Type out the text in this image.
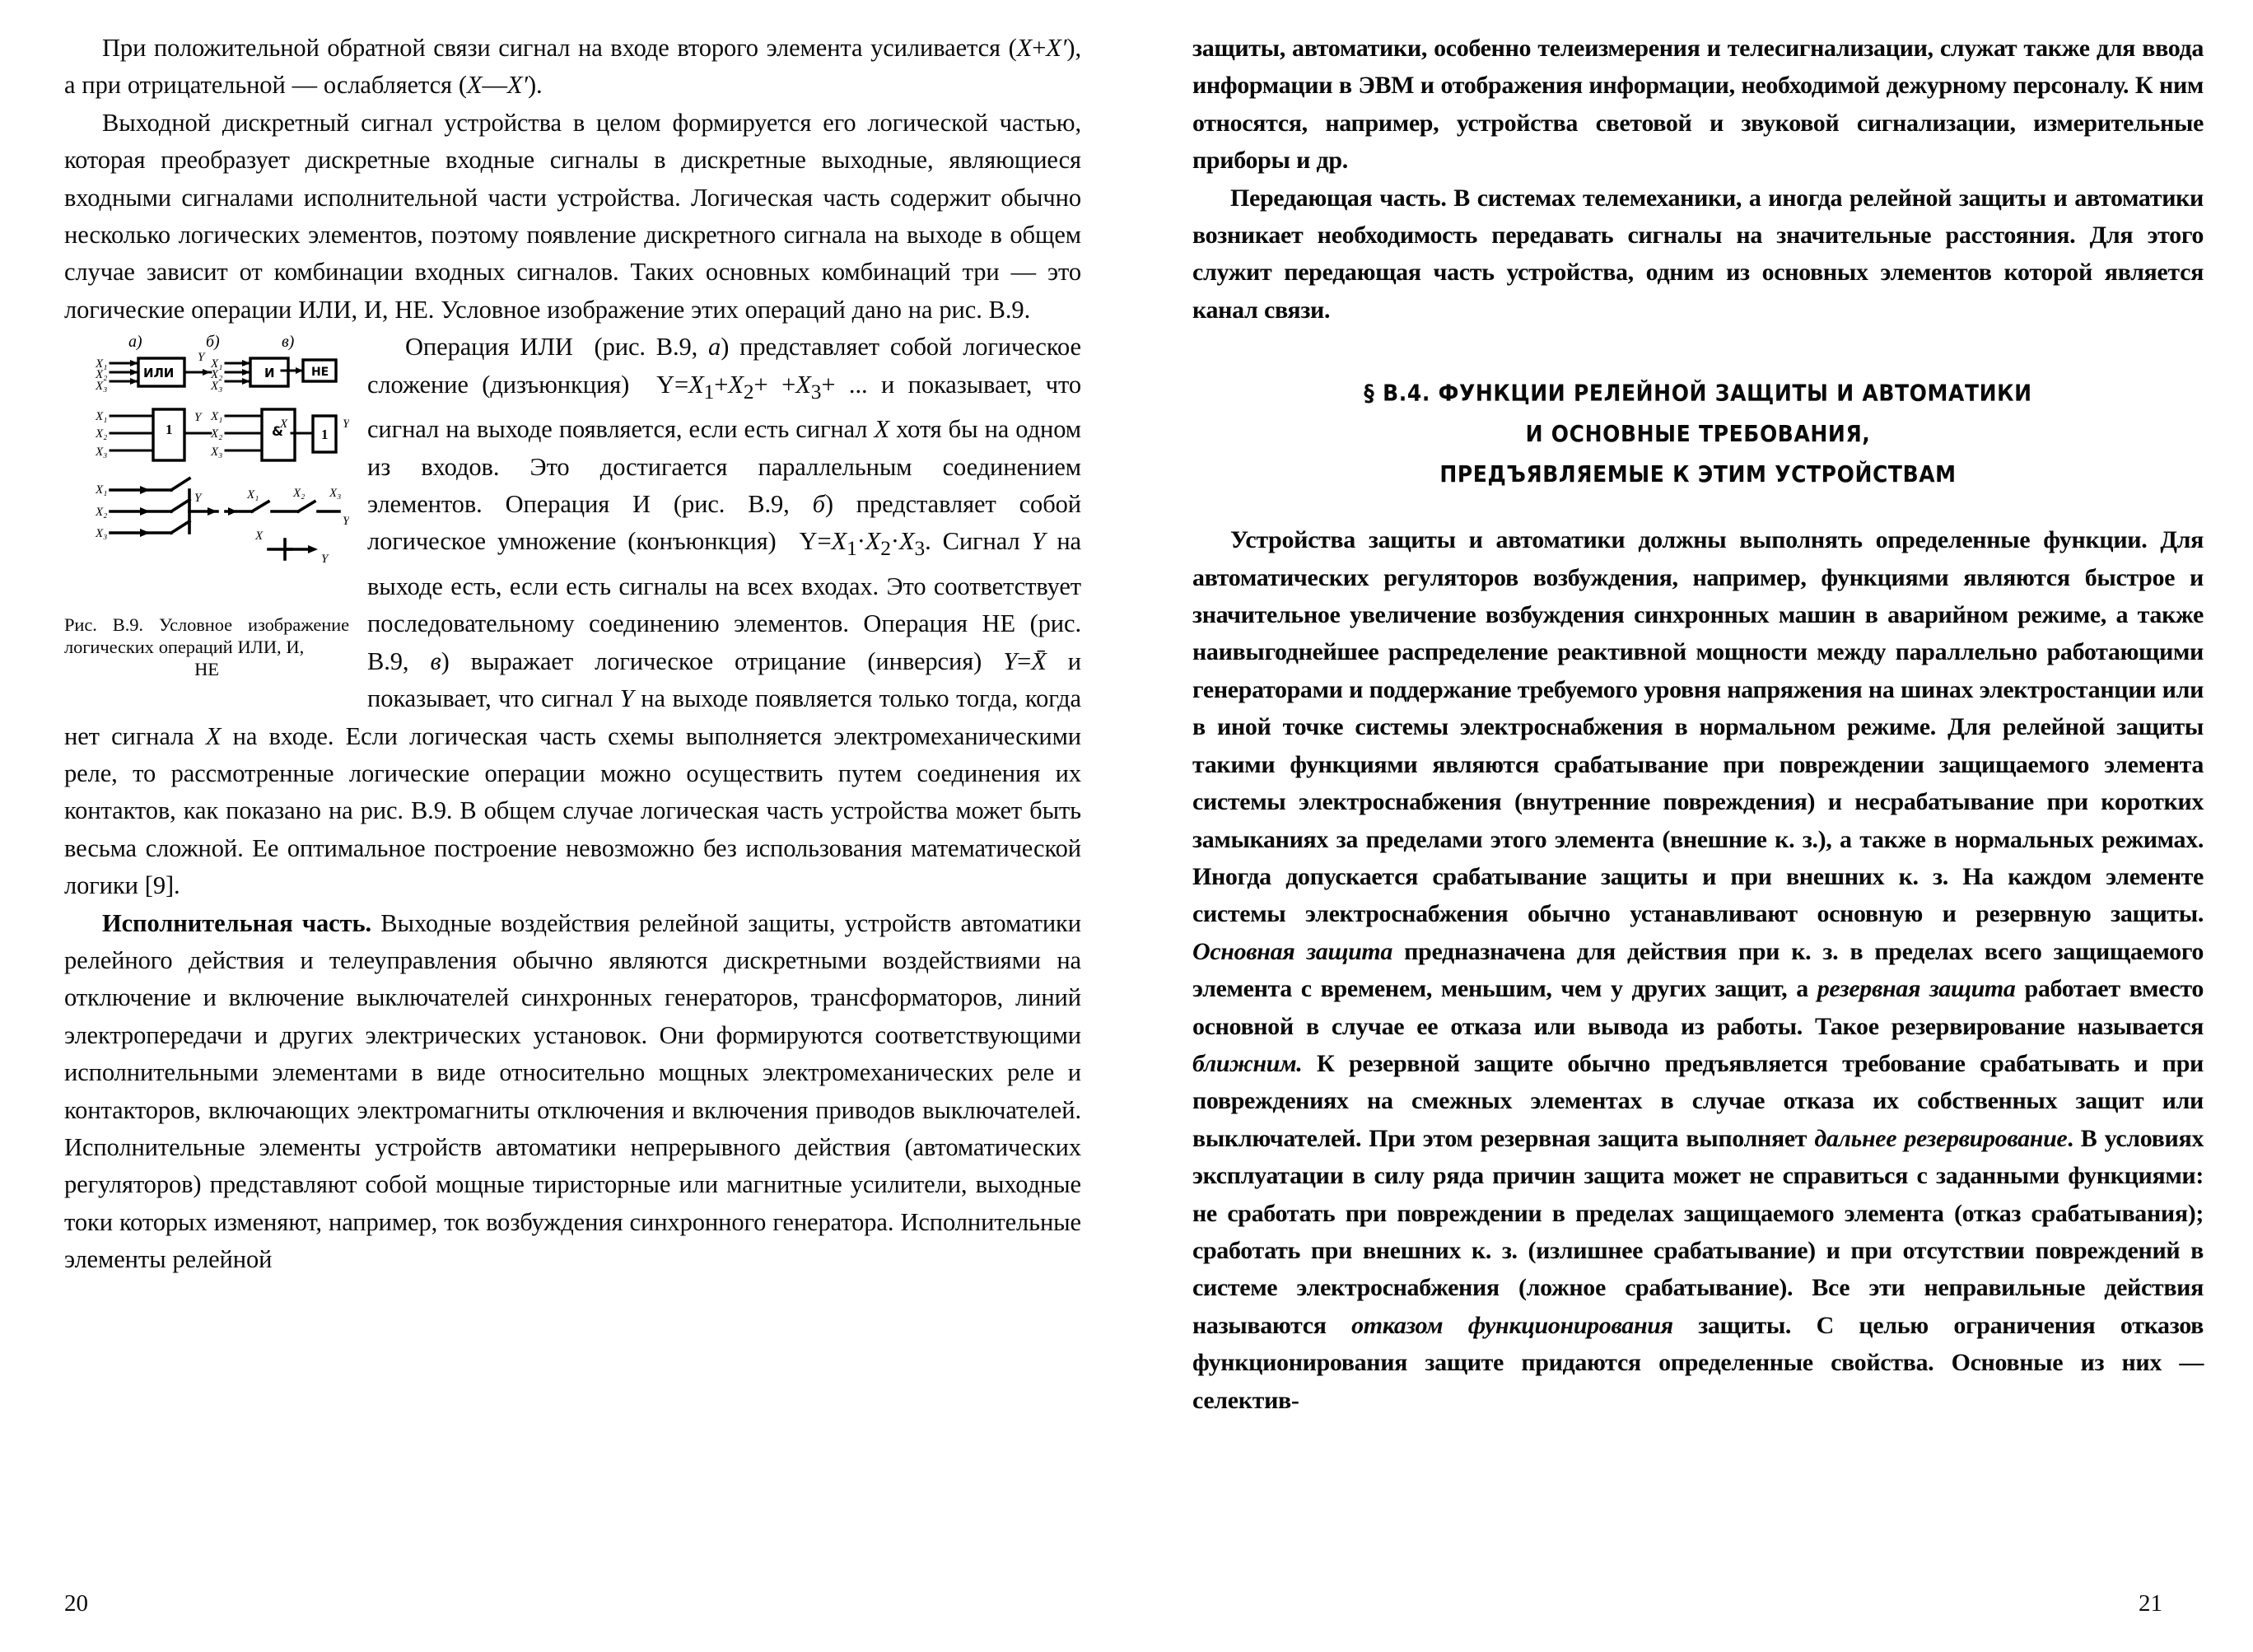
При положительной обратной связи сигнал на входе второго элемента усиливается (X+X′), а при отрицательной — ослабляется (X—X′).

Выходной дискретный сигнал устройства в целом формируется его логической частью, которая преобразует дискретные входные сигналы в дискретные выходные, являющиеся входными сигналами исполнительной части устройства. Логическая часть содержит обычно несколько логических элементов, поэтому появление дискретного сигнала на выходе в общем случае зависит от комбинации входных сигналов. Таких основных комбинаций три — это логические операции ИЛИ, И, НЕ. Условное изображение этих операций дано на рис. В.9.

а)	б)	в)
ИЛИ
X₁
X₂
X₃
Y
И
X₁
X₂
X₃
НЕ
1
X₁
X₂
X₃
Y
&
X₁
X₂
X₃
1
X	Y
X₁
X₂
X₃
Y	X₁	X₂ X₃
Y
X
Y
Рис. В.9. Условное изображение логических операций ИЛИ, И,
НЕ

Операция ИЛИ  (рис. В.9, а) представляет собой логическое сложение (дизъюнкция)  $Y=X_1+X_2+ +X_3+$ ... и показывает, что сигнал на выходе появляется, если есть сигнал X хотя бы на одном из входов. Это достигается параллельным соединением элементов. Операция И (рис. В.9, б) представляет собой логическое умножение (конъюнкция)  $Y=X_1\cdot X_2\cdot X_3$. Сигнал Y на выходе есть, если есть сигналы на всех входах. Это соответствует последовательному соединению элементов. Операция НЕ (рис. В.9, в) выражает логическое отрицание (инверсия) Y=X̄ и показывает, что сигнал Y на выходе появляется только тогда, когда нет сигнала X на входе. Если логическая часть схемы выполняется электромеханическими реле, то рассмотренные логические операции можно осуществить путем соединения их контактов, как показано на рис. В.9. В общем случае логическая часть устройства может быть весьма сложной. Ее оптимальное построение невозможно без использования математической логики [9].

Исполнительная часть. Выходные воздействия релейной защиты, устройств автоматики релейного действия и телеуправления обычно являются дискретными воздействиями на отключение и включение выключателей синхронных генераторов, трансформаторов, линий электропередачи и других электрических установок. Они формируются соответствующими исполнительными элементами в виде относительно мощных электромеханических реле и контакторов, включающих электромагниты отключения и включения приводов выключателей. Исполнительные элементы устройств автоматики непрерывного действия (автоматических регуляторов) представляют собой мощные тиристорные или магнитные усилители, выходные токи которых изменяют, например, ток возбуждения синхронного генератора. Исполнительные элементы релейной

20

защиты, автоматики, особенно телеизмерения и телесигнализации, служат также для ввода информации в ЭВМ и отображения информации, необходимой дежурному персоналу. К ним относятся, например, устройства световой и звуковой сигнализации, измерительные приборы и др.

Передающая часть. В системах телемеханики, а иногда релейной защиты и автоматики возникает необходимость передавать сигналы на значительные расстояния. Для этого служит передающая часть устройства, одним из основных элементов которой является канал связи.

§ В.4. ФУНКЦИИ РЕЛЕЙНОЙ ЗАЩИТЫ И АВТОМАТИКИ
И ОСНОВНЫЕ ТРЕБОВАНИЯ,
ПРЕДЪЯВЛЯЕМЫЕ К ЭТИМ УСТРОЙСТВАМ

Устройства защиты и автоматики должны выполнять определенные функции. Для автоматических регуляторов возбуждения, например, функциями являются быстрое и значительное увеличение возбуждения синхронных машин в аварийном режиме, а также наивыгоднейшее распределение реактивной мощности между параллельно работающими генераторами и поддержание требуемого уровня напряжения на шинах электростанции или в иной точке системы электроснабжения в нормальном режиме. Для релейной защиты такими функциями являются срабатывание при повреждении защищаемого элемента системы электроснабжения (внутренние повреждения) и несрабатывание при коротких замыканиях за пределами этого элемента (внешние к. з.), а также в нормальных режимах. Иногда допускается срабатывание защиты и при внешних к. з. На каждом элементе системы электроснабжения обычно устанавливают основную и резервную защиты. Основная защита предназначена для действия при к. з. в пределах всего защищаемого элемента с временем, меньшим, чем у других защит, а резервная защита работает вместо основной в случае ее отказа или вывода из работы. Такое резервирование называется ближним. К резервной защите обычно предъявляется требование срабатывать и при повреждениях на смежных элементах в случае отказа их собственных защит или выключателей. При этом резервная защита выполняет дальнее резервирование. В условиях эксплуатации в силу ряда причин защита может не справиться с заданными функциями: не сработать при повреждении в пределах защищаемого элемента (отказ срабатывания); сработать при внешних к. з. (излишнее срабатывание) и при отсутствии повреждений в системе электроснабжения (ложное срабатывание). Все эти неправильные действия называются отказом функционирования защиты. С целью ограничения отказов функционирования защите придаются определенные свойства. Основные из них — селектив-

21
